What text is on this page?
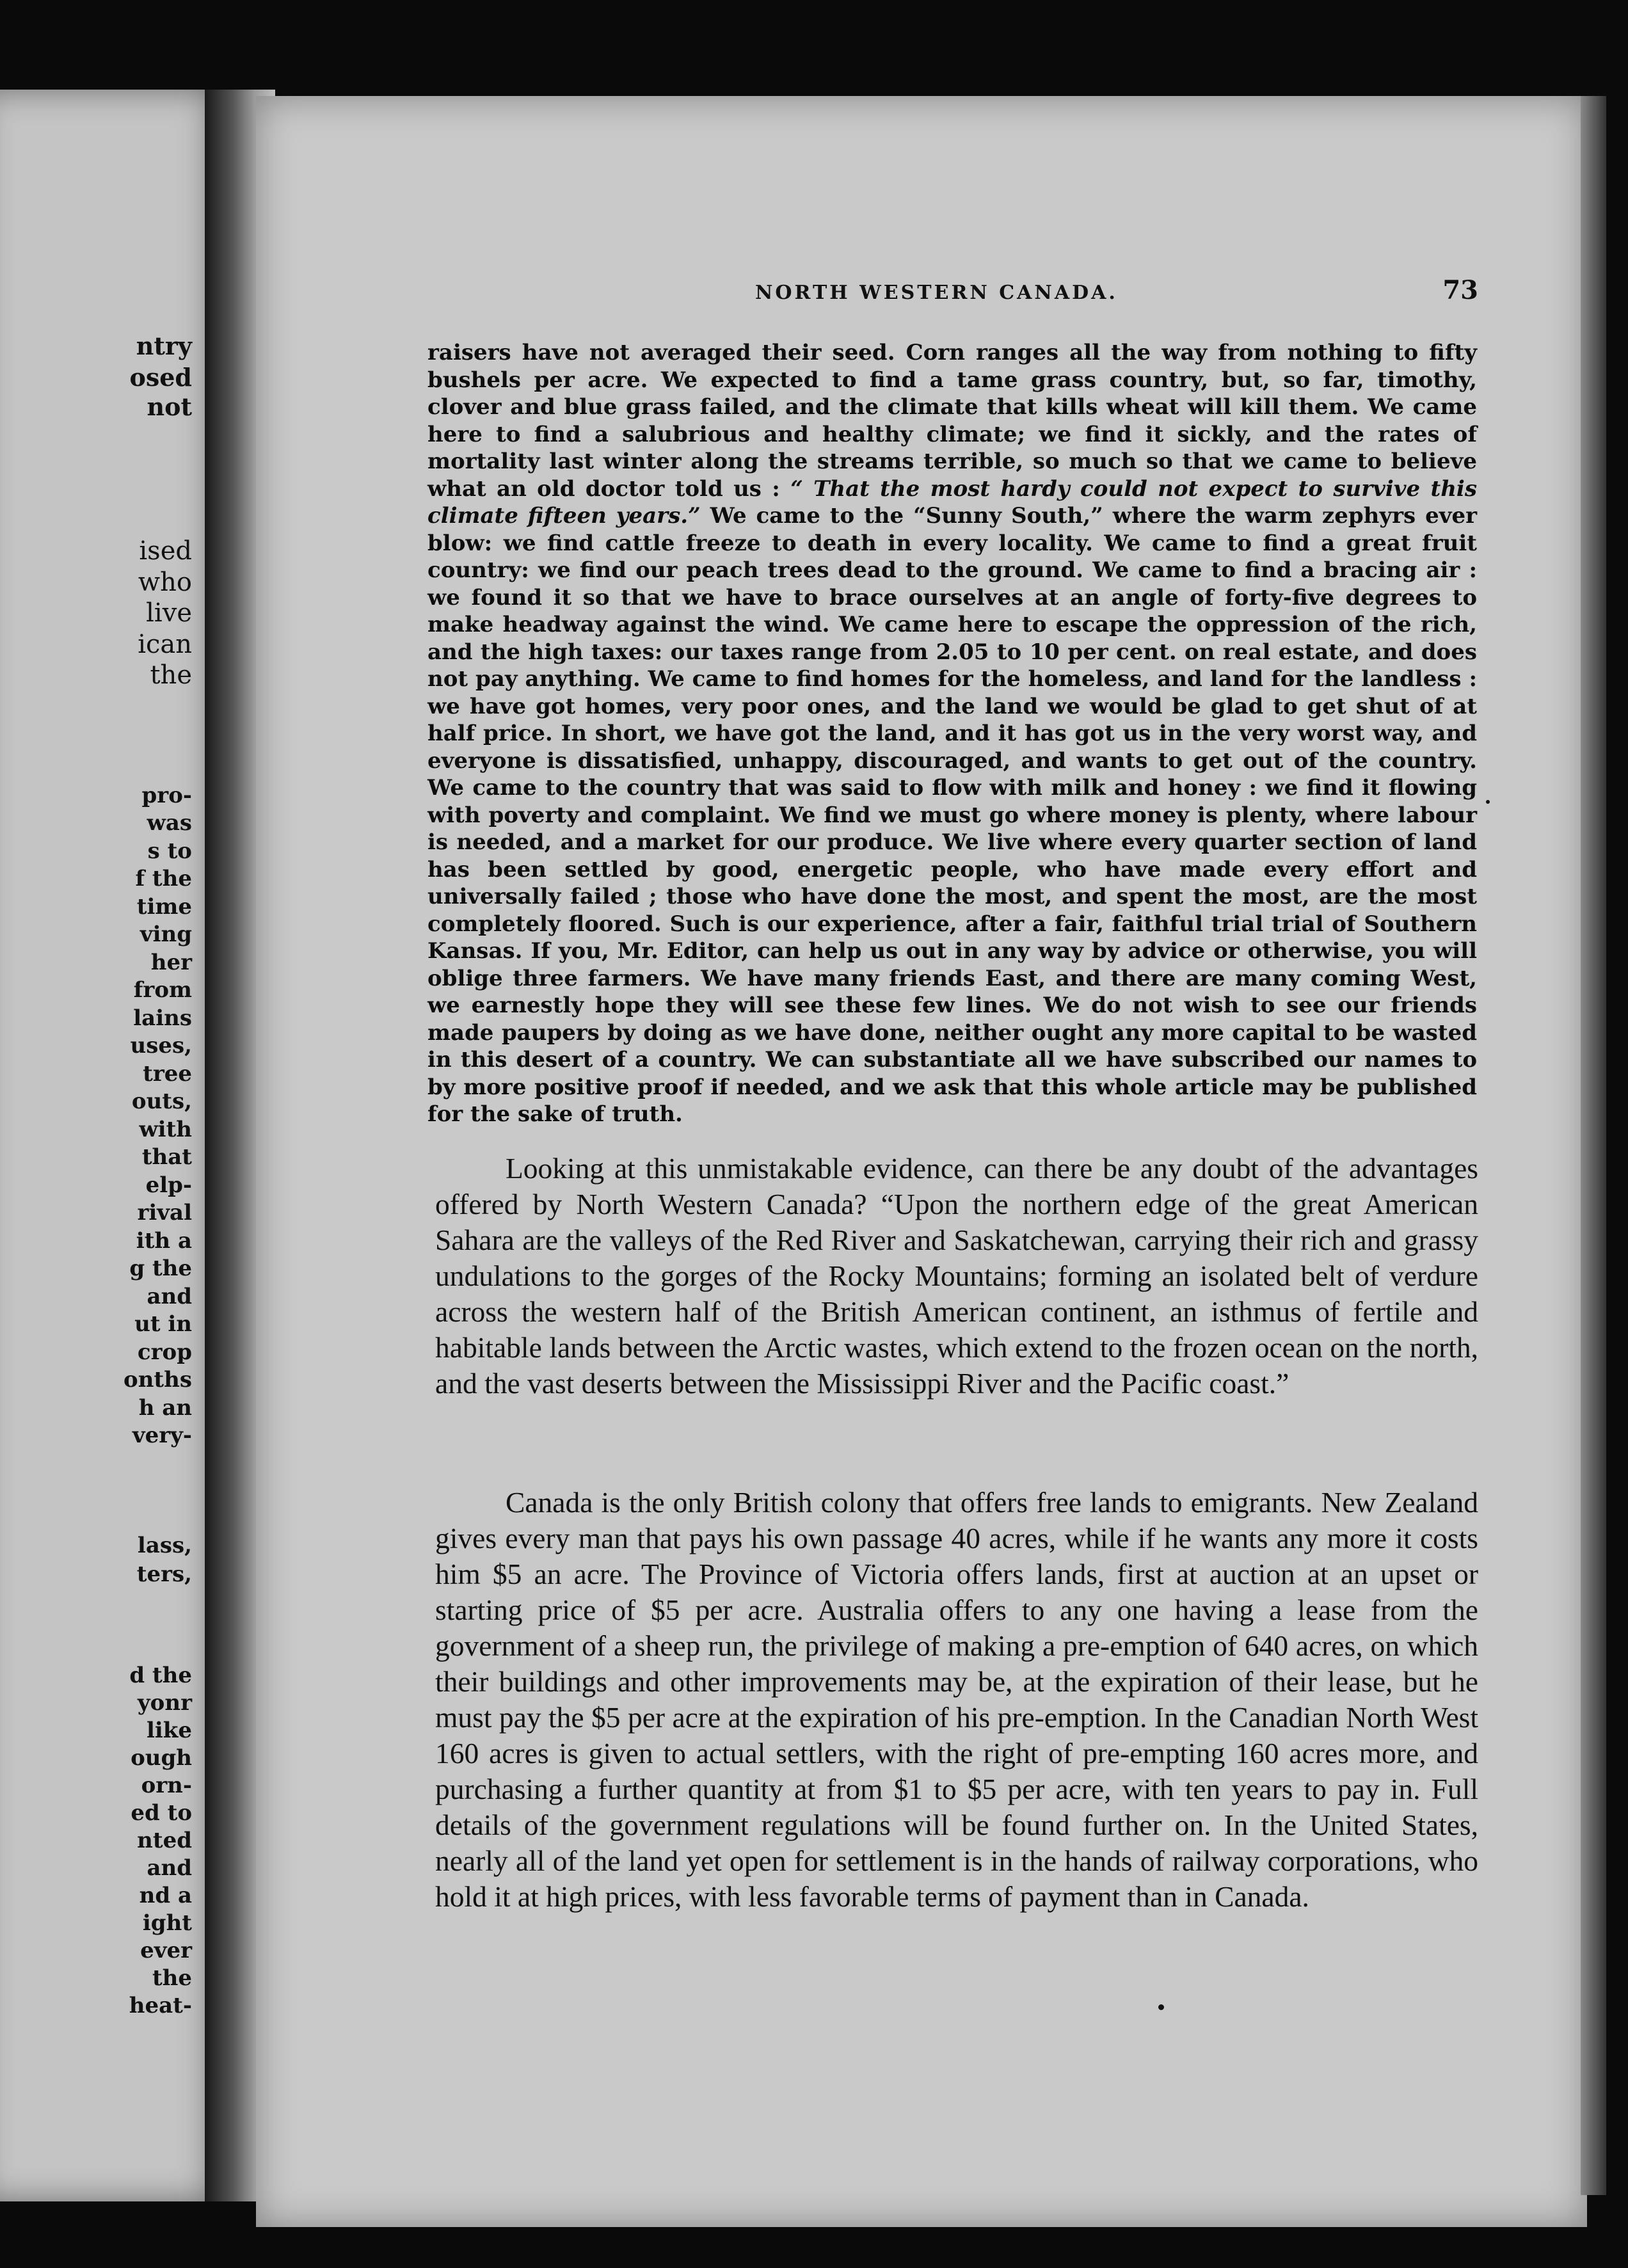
ntry
osed
not
ised
who
live
ican
the
pro-
was
s to
f the
time
ving
her
from
lains
uses,
tree
outs,
with
that
elp-
rival
ith a
g the
and
ut in
crop
onths
h an
very-
lass,
ters,
d the
yonr
like
ough
orn-
ed to
nted
and
nd a
ight
ever
the
heat-
NORTH WESTERN CANADA.	73

raisers have not averaged their seed. Corn ranges all the way from nothing to fifty bushels per acre. We expected to find a tame grass country, but, so far, timothy, clover and blue grass failed, and the climate that kills wheat will kill them. We came here to find a salubrious and healthy climate; we find it sickly, and the rates of mortality last winter along the streams terrible, so much so that we came to believe what an old doctor told us : “ That the most hardy could not expect to survive this climate fifteen years.” We came to the “Sunny South,” where the warm zephyrs ever blow: we find cattle freeze to death in every locality. We came to find a great fruit country: we find our peach trees dead to the ground. We came to find a bracing air : we found it so that we have to brace ourselves at an angle of forty-five degrees to make headway against the wind. We came here to escape the oppression of the rich, and the high taxes: our taxes range from 2.05 to 10 per cent. on real estate, and does not pay anything. We came to find homes for the homeless, and land for the landless : we have got homes, very poor ones, and the land we would be glad to get shut of at half price. In short, we have got the land, and it has got us in the very worst way, and everyone is dissatisfied, unhappy, discouraged, and wants to get out of the country. We came to the country that was said to flow with milk and honey : we find it flowing with poverty and complaint. We find we must go where money is plenty, where labour is needed, and a market for our produce. We live where every quarter section of land has been settled by good, energetic people, who have made every effort and universally failed ; those who have done the most, and spent the most, are the most completely floored. Such is our experience, after a fair, faithful trial trial of Southern Kansas. If you, Mr. Editor, can help us out in any way by advice or otherwise, you will oblige three farmers. We have many friends East, and there are many coming West, we earnestly hope they will see these few lines. We do not wish to see our friends made paupers by doing as we have done, neither ought any more capital to be wasted in this desert of a country. We can substantiate all we have subscribed our names to by more positive proof if needed, and we ask that this whole article may be published for the sake of truth.

Looking at this unmistakable evidence, can there be any doubt of the advantages offered by North Western Canada? “Upon the northern edge of the great American Sahara are the valleys of the Red River and Saskatchewan, carrying their rich and grassy undulations to the gorges of the Rocky Mountains; forming an isolated belt of verdure across the western half of the British American continent, an isthmus of fertile and habitable lands between the Arctic wastes, which extend to the frozen ocean on the north, and the vast deserts between the Mississippi River and the Pacific coast.”

Canada is the only British colony that offers free lands to emigrants. New Zealand gives every man that pays his own passage 40 acres, while if he wants any more it costs him $5 an acre. The Province of Victoria offers lands, first at auction at an upset or starting price of $5 per acre. Australia offers to any one having a lease from the government of a sheep run, the privilege of making a pre-emption of 640 acres, on which their buildings and other improvements may be, at the expiration of their lease, but he must pay the $5 per acre at the expiration of his pre-emption. In the Canadian North West 160 acres is given to actual settlers, with the right of pre-empting 160 acres more, and purchasing a further quantity at from $1 to $5 per acre, with ten years to pay in. Full details of the government regulations will be found further on. In the United States, nearly all of the land yet open for settlement is in the hands of railway corporations, who hold it at high prices, with less favorable terms of payment than in Canada.
